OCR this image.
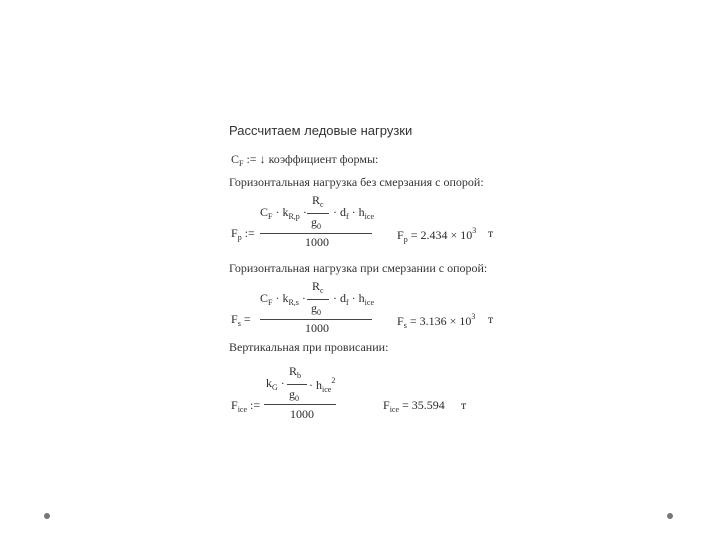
Рассчитаем ледовые нагрузки
$C_F$ := ↓ коэффициент формы:
Горизонтальная нагрузка без смерзания с опорой:
$R_c$
$C_F \cdot k_{R,p}$ · · $d_f \cdot h_{ice}$
$g_0$
$F_p$ :=
1000	$F_p = 2.434 \times 10^3$ т
Горизонтальная нагрузка при смерзании с опорой:
$R_c$
$C_F \cdot k_{R,s}$ · · $d_f \cdot h_{ice}$
$g_0$
$F_s$ =
1000	$F_s = 3.136 \times 10^3$ т
Вертикальная при провисании:
$R_b$
$k_G$ · · $h_{ice}^2$
$g_0$
$F_{ice}$ :=
1000
$F_{ice} = 35.594$ т
